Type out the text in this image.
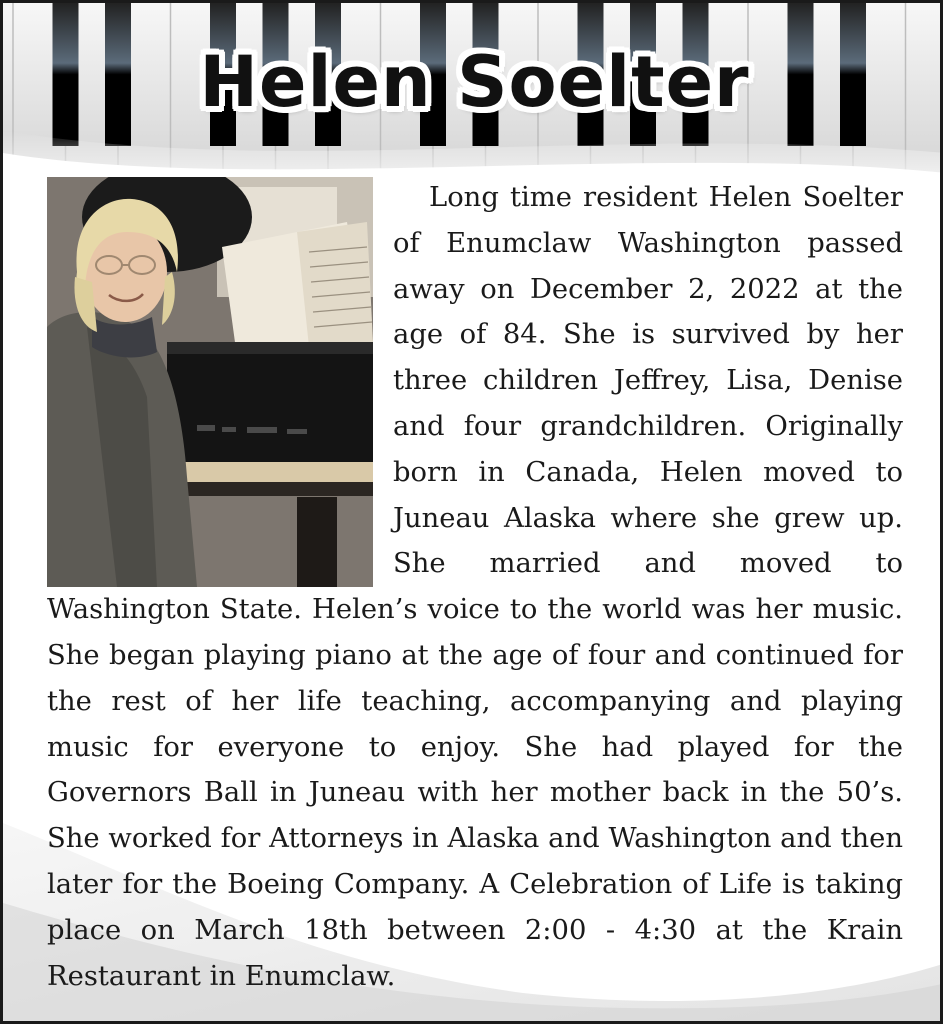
Helen Soelter

Long time resident Helen Soelter of Enumclaw Washington passed away on December 2, 2022 at the age of 84. She is survived by her three children Jeffrey, Lisa, Denise and four grandchildren. Originally born in Canada, Helen moved to Juneau Alaska where she grew up. She married and moved to Washington State. Helen’s voice to the world was her music. She began playing piano at the age of four and continued for the rest of her life teaching, accompanying and playing music for everyone to enjoy. She had played for the Governors Ball in Juneau with her mother back in the 50’s. She worked for Attorneys in Alaska and Washington and then later for the Boeing Company. A Celebration of Life is taking place on March 18th between 2:00 - 4:30 at the Krain Restaurant in Enumclaw.
